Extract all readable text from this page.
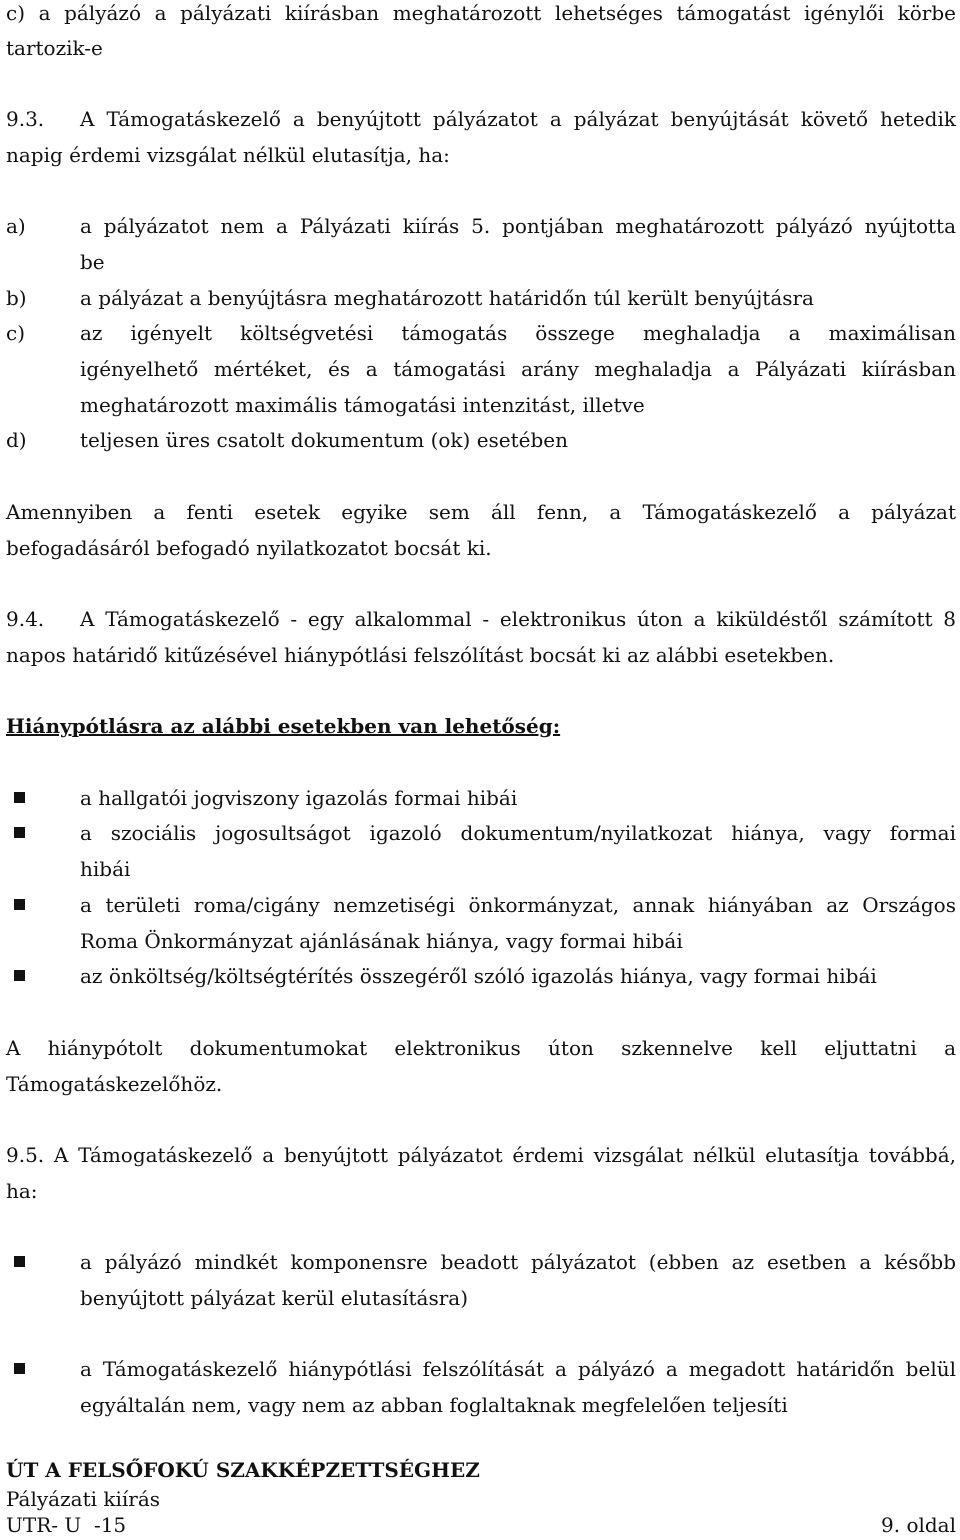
c) a pályázó a pályázati kiírásban meghatározott lehetséges támogatást igénylői körbe
tartozik-e
9.3. A Támogatáskezelő a benyújtott pályázatot a pályázat benyújtását követő hetedik
napig érdemi vizsgálat nélkül elutasítja, ha:
a)	a pályázatot nem a Pályázati kiírás 5. pontjában meghatározott pályázó nyújtotta
be
b)	a pályázat a benyújtásra meghatározott határidőn túl került benyújtásra
c)	az igényelt költségvetési támogatás összege meghaladja a maximálisan
igényelhető mértéket, és a támogatási arány meghaladja a Pályázati kiírásban
meghatározott maximális támogatási intenzitást, illetve
d)	teljesen üres csatolt dokumentum (ok) esetében
Amennyiben a fenti esetek egyike sem áll fenn, a Támogatáskezelő a pályázat
befogadásáról befogadó nyilatkozatot bocsát ki.
9.4. A Támogatáskezelő - egy alkalommal - elektronikus úton a kiküldéstől számított 8
napos határidő kitűzésével hiánypótlási felszólítást bocsát ki az alábbi esetekben.
Hiánypótlásra az alábbi esetekben van lehetőség:
a hallgatói jogviszony igazolás formai hibái
a szociális jogosultságot igazoló dokumentum/nyilatkozat hiánya, vagy formai
hibái
a területi roma/cigány nemzetiségi önkormányzat, annak hiányában az Országos
Roma Önkormányzat ajánlásának hiánya, vagy formai hibái
az önköltség/költségtérítés összegéről szóló igazolás hiánya, vagy formai hibái
A hiánypótolt dokumentumokat elektronikus úton szkennelve kell eljuttatni a
Támogatáskezelőhöz.
9.5. A Támogatáskezelő a benyújtott pályázatot érdemi vizsgálat nélkül elutasítja továbbá,
ha:
a pályázó mindkét komponensre beadott pályázatot (ebben az esetben a később
benyújtott pályázat kerül elutasításra)
a Támogatáskezelő hiánypótlási felszólítását a pályázó a megadott határidőn belül
egyáltalán nem, vagy nem az abban foglaltaknak megfelelően teljesíti
ÚT A FELSŐFOKÚ SZAKKÉPZETTSÉGHEZ
Pályázati kiírás
UTR- U  -15	9. oldal
